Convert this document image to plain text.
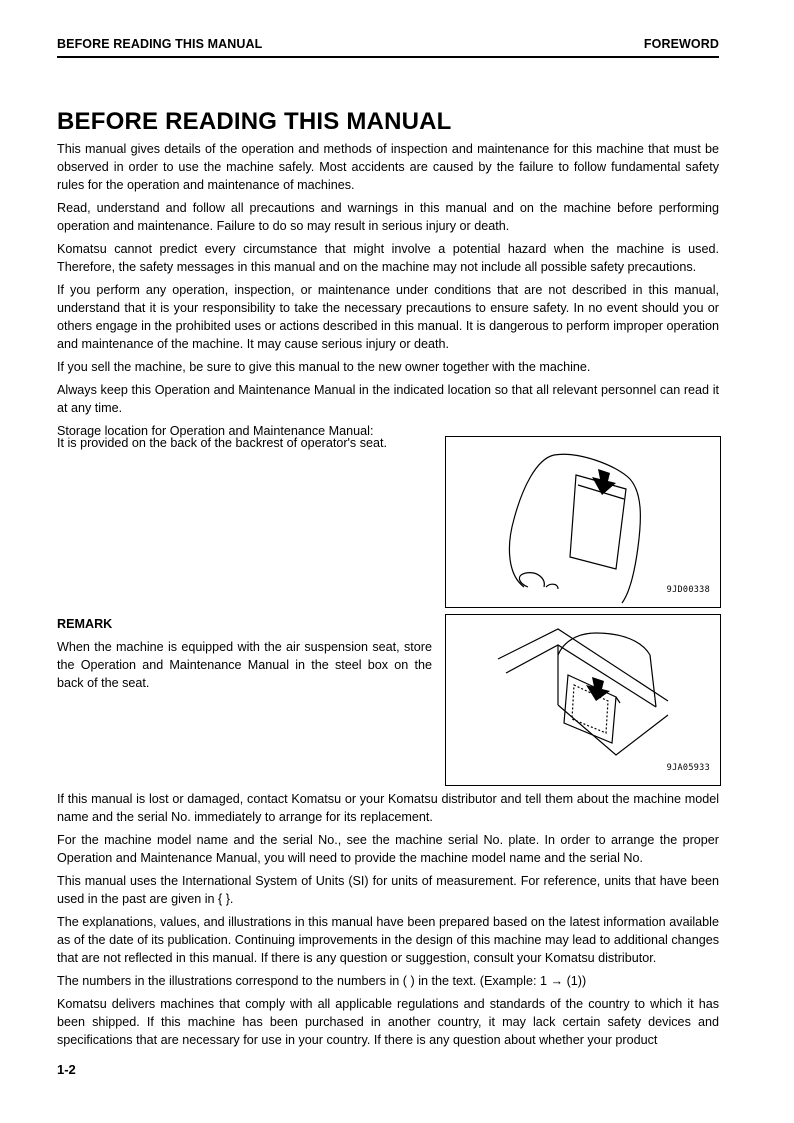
BEFORE READING THIS MANUAL	FOREWORD
BEFORE READING THIS MANUAL

This manual gives details of the operation and methods of inspection and maintenance for this machine that must be observed in order to use the machine safely. Most accidents are caused by the failure to follow fundamental safety rules for the operation and maintenance of machines.

Read, understand and follow all precautions and warnings in this manual and on the machine before performing operation and maintenance. Failure to do so may result in serious injury or death.

Komatsu cannot predict every circumstance that might involve a potential hazard when the machine is used. Therefore, the safety messages in this manual and on the machine may not include all possible safety precautions.

If you perform any operation, inspection, or maintenance under conditions that are not described in this manual, understand that it is your responsibility to take the necessary precautions to ensure safety. In no event should you or others engage in the prohibited uses or actions described in this manual. It is dangerous to perform improper operation and maintenance of the machine. It may cause serious injury or death.

If you sell the machine, be sure to give this manual to the new owner together with the machine.

Always keep this Operation and Maintenance Manual in the indicated location so that all relevant personnel can read it at any time.

Storage location for Operation and Maintenance Manual:

It is provided on the back of the backrest of operator's seat.

REMARK

When the machine is equipped with the air suspension seat, store the Operation and Maintenance Manual in the steel box on the back of the seat.

9JD00338
9JA05933

If this manual is lost or damaged, contact Komatsu or your Komatsu distributor and tell them about the machine model name and the serial No. immediately to arrange for its replacement.

For the machine model name and the serial No., see the machine serial No. plate. In order to arrange the proper Operation and Maintenance Manual, you will need to provide the machine model name and the serial No.

This manual uses the International System of Units (SI) for units of measurement. For reference, units that have been used in the past are given in { }.

The explanations, values, and illustrations in this manual have been prepared based on the latest information available as of the date of its publication. Continuing improvements in the design of this machine may lead to additional changes that are not reflected in this manual. If there is any question or suggestion, consult your Komatsu distributor.

The numbers in the illustrations correspond to the numbers in ( ) in the text. (Example: 1 → (1))

Komatsu delivers machines that comply with all applicable regulations and standards of the country to which it has been shipped. If this machine has been purchased in another country, it may lack certain safety devices and specifications that are necessary for use in your country. If there is any question about whether your product

1-2
